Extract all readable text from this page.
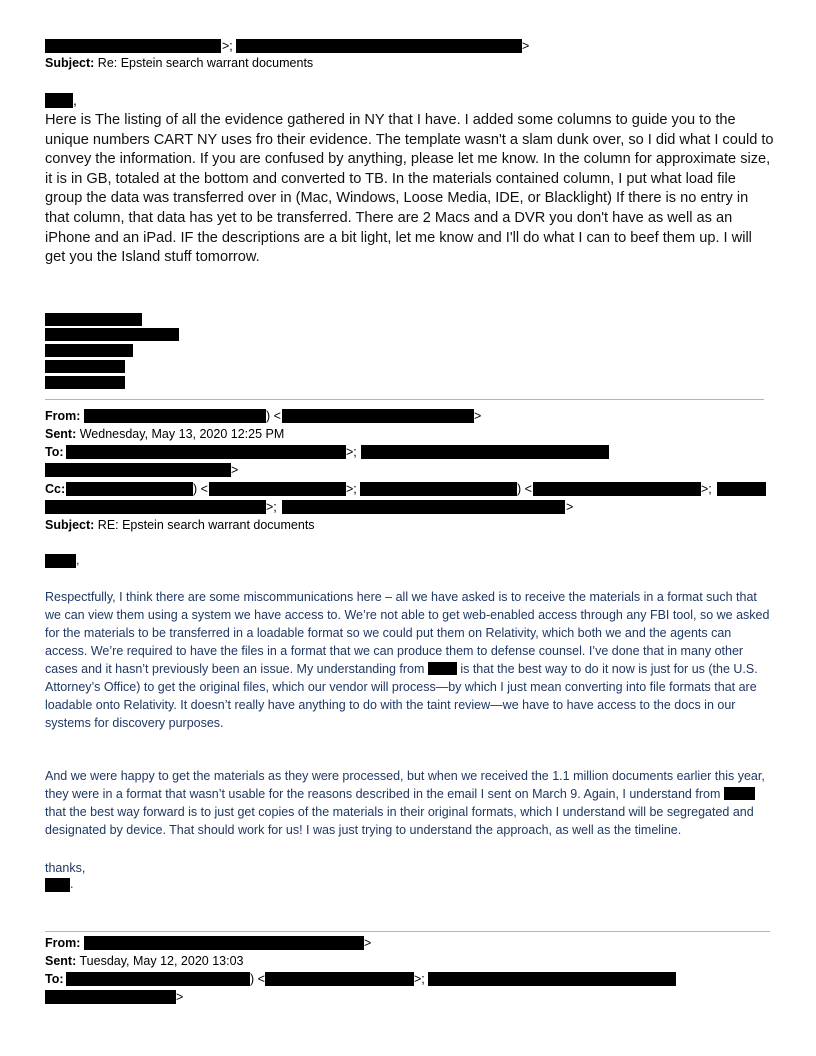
>;	>
Subject: Re: Epstein search warrant documents
,

Here is The listing of all the evidence gathered in NY that I have. I added some columns to guide you to the unique numbers CART NY uses fro their evidence. The template wasn't a slam dunk over, so I did what I could to convey the information. If you are confused by anything, please let me know. In the column for approximate size, it is in GB, totaled at the bottom and converted to TB. In the materials contained column, I put what load file group the data was transferred over in (Mac, Windows, Loose Media, IDE, or Blacklight) If there is no entry in that column, that data has yet to be transferred. There are 2 Macs and a DVR you don't have as well as an iPhone and an iPad. IF the descriptions are a bit light, let me know and I'll do what I can to beef them up. I will get you the Island stuff tomorrow.

From:	) <	>
Sent: Wednesday, May 13, 2020 12:25 PM
To:	>;
>
Cc:	) <	>;	) <	>;
>;	>
Subject: RE: Epstein search warrant documents
,

Respectfully, I think there are some miscommunications here – all we have asked is to receive the materials in a format such that we can view them using a system we have access to. We’re not able to get web-enabled access through any FBI tool, so we asked for the materials to be transferred in a loadable format so we could put them on Relativity, which both we and the agents can access. We’re required to have the files in a format that we can produce them to defense counsel. I’ve done that in many other cases and it hasn’t previously been an issue. My understanding from  is that the best way to do it now is just for us (the U.S. Attorney’s Office) to get the original files, which our vendor will process—by which I just mean converting into file formats that are loadable onto Relativity. It doesn’t really have anything to do with the taint review—we have to have access to the docs in our systems for discovery purposes.

And we were happy to get the materials as they were processed, but when we received the 1.1 million documents earlier this year, they were in a format that wasn’t usable for the reasons described in the email I sent on March 9. Again, I understand from  that the best way forward is to just get copies of the materials in their original formats, which I understand will be segregated and designated by device. That should work for us! I was just trying to understand the approach, as well as the timeline.

thanks,
.
From:	>
Sent: Tuesday, May 12, 2020 13:03
To:	) <	>;
>
